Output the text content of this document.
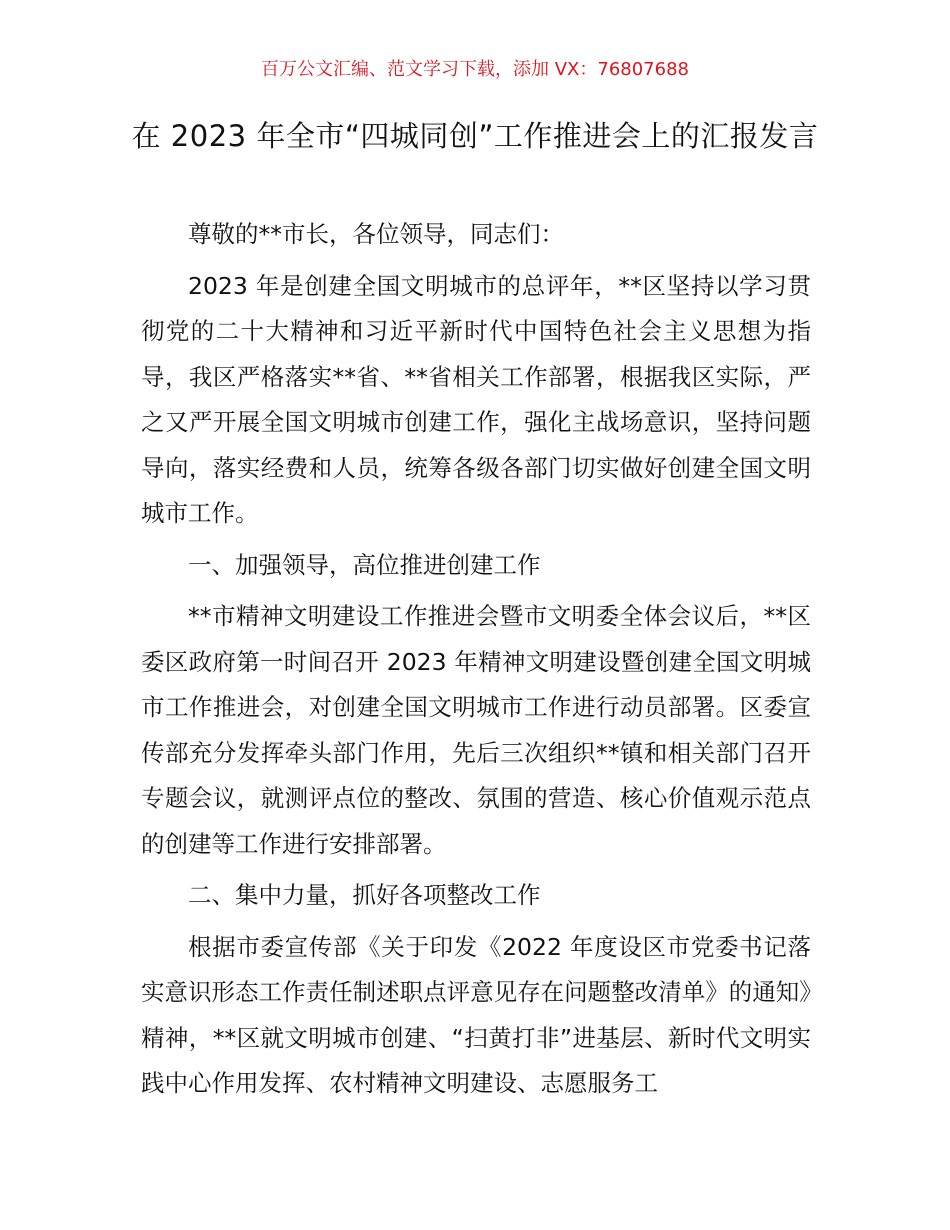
百万公文汇编、范文学习下载，添加 VX：76807688
在 2023 年全市“四城同创”工作推进会上的汇报发言

尊敬的**市长，各位领导，同志们：

2023 年是创建全国文明城市的总评年，**区坚持以学习贯彻党的二十大精神和习近平新时代中国特色社会主义思想为指导，我区严格落实**省、**省相关工作部署，根据我区实际，严之又严开展全国文明城市创建工作，强化主战场意识，坚持问题导向，落实经费和人员，统筹各级各部门切实做好创建全国文明城市工作。

一、加强领导，高位推进创建工作

**市精神文明建设工作推进会暨市文明委全体会议后，**区委区政府第一时间召开 2023 年精神文明建设暨创建全国文明城市工作推进会，对创建全国文明城市工作进行动员部署。区委宣传部充分发挥牵头部门作用，先后三次组织**镇和相关部门召开专题会议，就测评点位的整改、氛围的营造、核心价值观示范点的创建等工作进行安排部署。

二、集中力量，抓好各项整改工作

根据市委宣传部《关于印发《2022 年度设区市党委书记落实意识形态工作责任制述职点评意见存在问题整改清单》的通知》精神，**区就文明城市创建、“扫黄打非”进基层、新时代文明实践中心作用发挥、农村精神文明建设、志愿服务工
